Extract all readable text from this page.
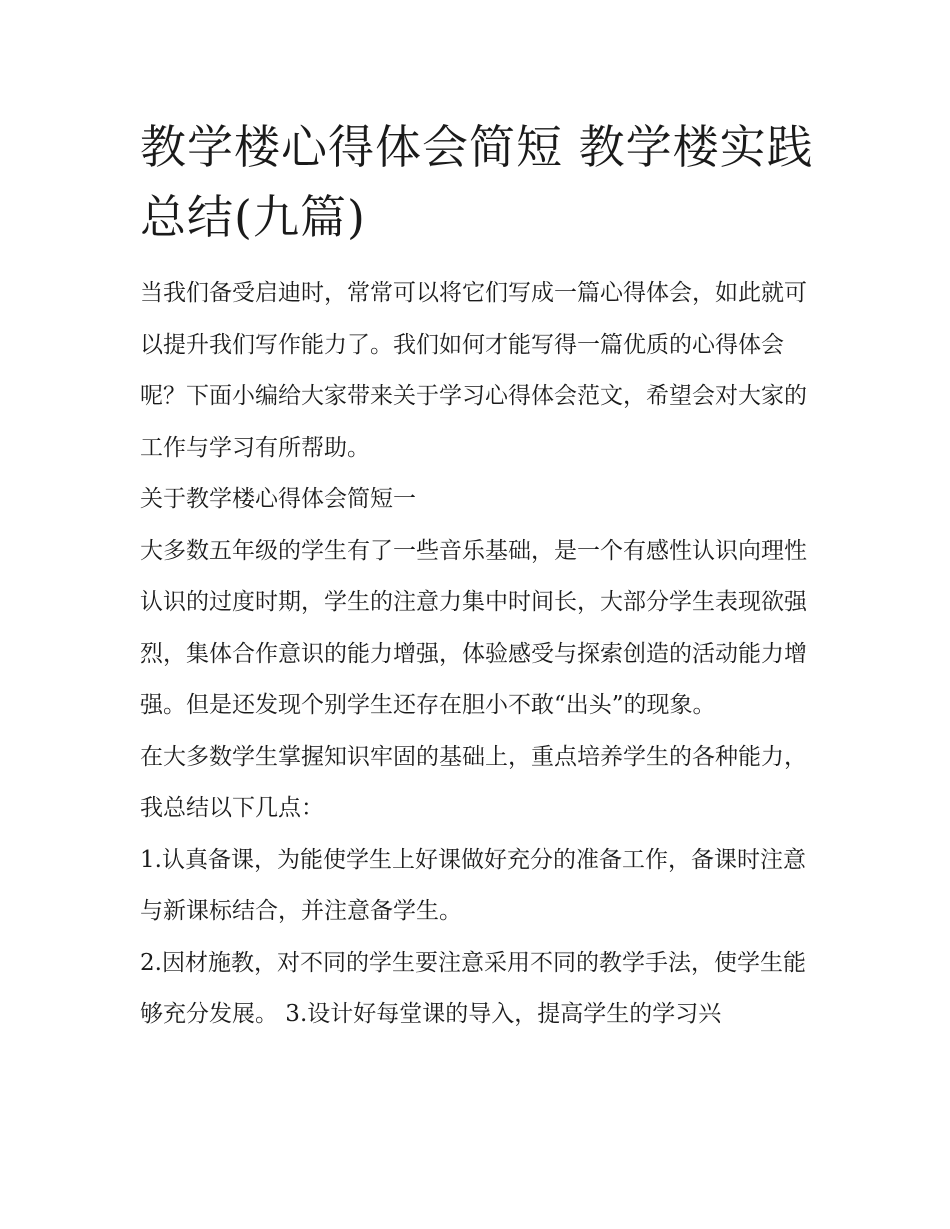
教学楼心得体会简短 教学楼实践总结(九篇)

当我们备受启迪时，常常可以将它们写成一篇心得体会，如此就可以提升我们写作能力了。我们如何才能写得一篇优质的心得体会呢？下面小编给大家带来关于学习心得体会范文，希望会对大家的工作与学习有所帮助。

关于教学楼心得体会简短一

大多数五年级的学生有了一些音乐基础，是一个有感性认识向理性认识的过度时期，学生的注意力集中时间长，大部分学生表现欲强烈，集体合作意识的能力增强，体验感受与探索创造的活动能力增强。但是还发现个别学生还存在胆小不敢“出头”的现象。

在大多数学生掌握知识牢固的基础上，重点培养学生的各种能力，我总结以下几点：

1.认真备课，为能使学生上好课做好充分的准备工作，备课时注意与新课标结合，并注意备学生。

2.因材施教，对不同的学生要注意采用不同的教学手法，使学生能够充分发展。 3.设计好每堂课的导入，提高学生的学习兴
